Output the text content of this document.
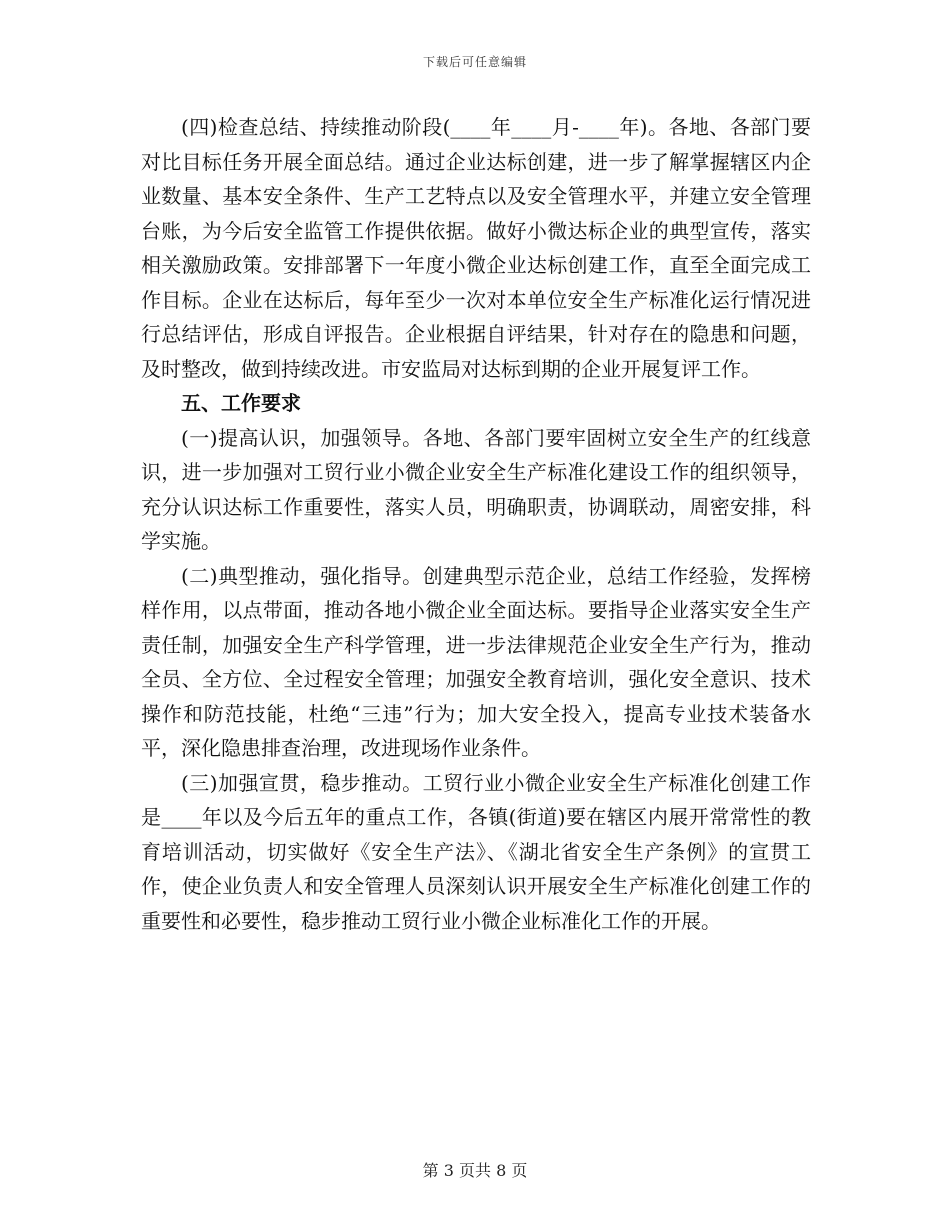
下载后可任意编辑

(四)检查总结、持续推动阶段(____年____月-____年)。各地、各部门要对比目标任务开展全面总结。通过企业达标创建，进一步了解掌握辖区内企业数量、基本安全条件、生产工艺特点以及安全管理水平，并建立安全管理台账，为今后安全监管工作提供依据。做好小微达标企业的典型宣传，落实相关激励政策。安排部署下一年度小微企业达标创建工作，直至全面完成工作目标。企业在达标后，每年至少一次对本单位安全生产标准化运行情况进行总结评估，形成自评报告。企业根据自评结果，针对存在的隐患和问题，及时整改，做到持续改进。市安监局对达标到期的企业开展复评工作。

五、工作要求

(一)提高认识，加强领导。各地、各部门要牢固树立安全生产的红线意识，进一步加强对工贸行业小微企业安全生产标准化建设工作的组织领导，充分认识达标工作重要性，落实人员，明确职责，协调联动，周密安排，科学实施。

(二)典型推动，强化指导。创建典型示范企业，总结工作经验，发挥榜样作用，以点带面，推动各地小微企业全面达标。要指导企业落实安全生产责任制，加强安全生产科学管理，进一步法律规范企业安全生产行为，推动全员、全方位、全过程安全管理；加强安全教育培训，强化安全意识、技术操作和防范技能，杜绝“三违”行为；加大安全投入，提高专业技术装备水平，深化隐患排查治理，改进现场作业条件。

(三)加强宣贯，稳步推动。工贸行业小微企业安全生产标准化创建工作是____年以及今后五年的重点工作，各镇(街道)要在辖区内展开常常性的教育培训活动，切实做好《安全生产法》、《湖北省安全生产条例》的宣贯工作，使企业负责人和安全管理人员深刻认识开展安全生产标准化创建工作的重要性和必要性，稳步推动工贸行业小微企业标准化工作的开展。

第 3 页共 8 页
